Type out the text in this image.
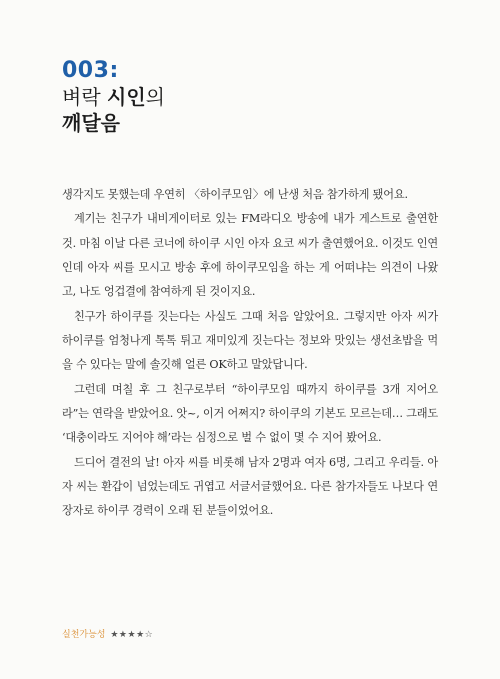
003:
벼락 시인의
깨달음

생각지도 못했는데 우연히 〈하이쿠모임〉에 난생 처음 참가하게 됐어요.

계기는 친구가 내비게이터로 있는 FM라디오 방송에 내가 게스트로 출연한 것. 마침 이날 다른 코너에 하이쿠 시인 아자 요코 씨가 출연했어요. 이것도 인연인데 아자 씨를 모시고 방송 후에 하이쿠모임을 하는 게 어떠냐는 의견이 나왔고, 나도 엉겁결에 참여하게 된 것이지요.

친구가 하이쿠를 짓는다는 사실도 그때 처음 알았어요. 그렇지만 아자 씨가 하이쿠를 엄청나게 톡톡 튀고 재미있게 짓는다는 정보와 맛있는 생선초밥을 먹을 수 있다는 말에 솔깃해 얼른 OK하고 말았답니다.

그런데 며칠 후 그 친구로부터 “하이쿠모임 때까지 하이쿠를 3개 지어오라”는 연락을 받았어요. 앗~, 이거 어쩌지? 하이쿠의 기본도 모르는데… 그래도 ‘대충이라도 지어야 해’라는 심정으로 벌 수 없이 몇 수 지어 봤어요.

드디어 결전의 날! 아자 씨를 비롯해 남자 2명과 여자 6명, 그리고 우리들. 아자 씨는 환갑이 넘었는데도 귀엽고 서글서글했어요. 다른 참가자들도 나보다 연장자로 하이쿠 경력이 오래 된 분들이었어요.

실천가능성 ★★★★☆
